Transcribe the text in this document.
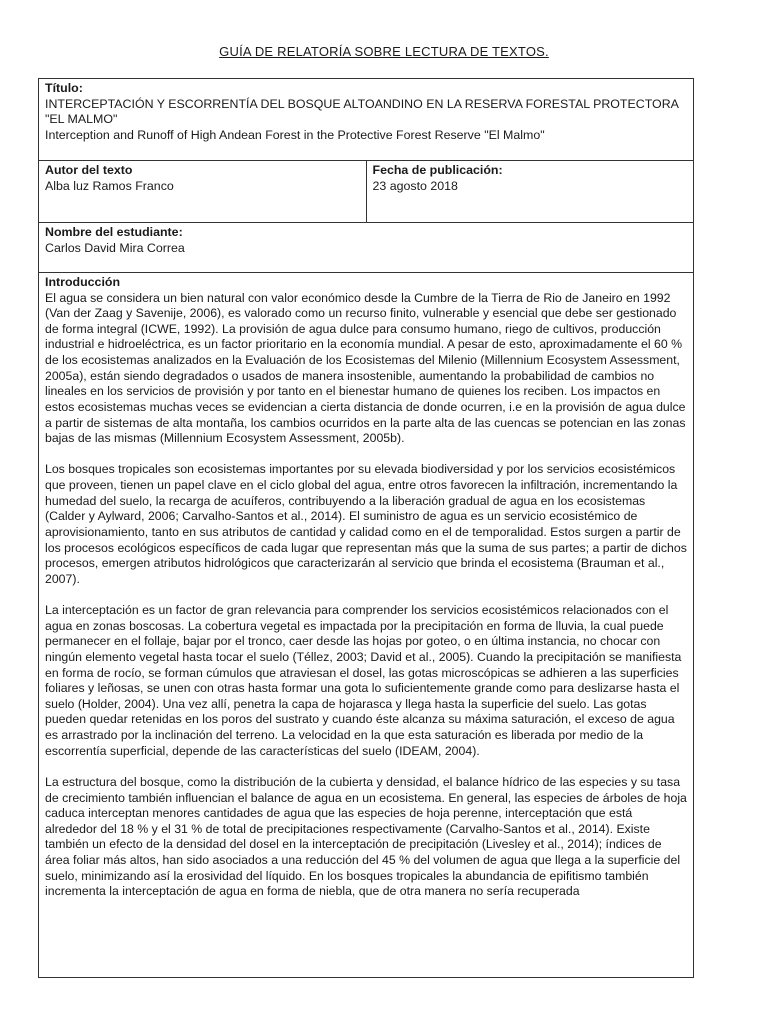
GUÍA DE RELATORÍA SOBRE LECTURA DE TEXTOS.
Título:
INTERCEPTACIÓN Y ESCORRENTÍA DEL BOSQUE ALTOANDINO EN LA RESERVA FORESTAL PROTECTORA "EL MALMO"
Interception and Runoff of High Andean Forest in the Protective Forest Reserve "El Malmo"
Autor del texto
Alba luz Ramos Franco
Fecha de publicación:
23 agosto 2018
Nombre del estudiante:
Carlos David Mira Correa
Introducción
El agua se considera un bien natural con valor económico desde la Cumbre de la Tierra de Rio de Janeiro en 1992 (Van der Zaag y Savenije, 2006), es valorado como un recurso finito, vulnerable y esencial que debe ser gestionado de forma integral (ICWE, 1992). La provisión de agua dulce para consumo humano, riego de cultivos, producción industrial e hidroeléctrica, es un factor prioritario en la economía mundial. A pesar de esto, aproximadamente el 60 % de los ecosistemas analizados en la Evaluación de los Ecosistemas del Milenio (Millennium Ecosystem Assessment, 2005a), están siendo degradados o usados de manera insostenible, aumentando la probabilidad de cambios no lineales en los servicios de provisión y por tanto en el bienestar humano de quienes los reciben. Los impactos en estos ecosistemas muchas veces se evidencian a cierta distancia de donde ocurren, i.e en la provisión de agua dulce a partir de sistemas de alta montaña, los cambios ocurridos en la parte alta de las cuencas se potencian en las zonas bajas de las mismas (Millennium Ecosystem Assessment, 2005b).
Los bosques tropicales son ecosistemas importantes por su elevada biodiversidad y por los servicios ecosistémicos que proveen, tienen un papel clave en el ciclo global del agua, entre otros favorecen la infiltración, incrementando la humedad del suelo, la recarga de acuíferos, contribuyendo a la liberación gradual de agua en los ecosistemas (Calder y Aylward, 2006; Carvalho-Santos et al., 2014). El suministro de agua es un servicio ecosistémico de aprovisionamiento, tanto en sus atributos de cantidad y calidad como en el de temporalidad. Estos surgen a partir de los procesos ecológicos específicos de cada lugar que representan más que la suma de sus partes; a partir de dichos procesos, emergen atributos hidrológicos que caracterizarán al servicio que brinda el ecosistema (Brauman et al., 2007).
La interceptación es un factor de gran relevancia para comprender los servicios ecosistémicos relacionados con el agua en zonas boscosas. La cobertura vegetal es impactada por la precipitación en forma de lluvia, la cual puede permanecer en el follaje, bajar por el tronco, caer desde las hojas por goteo, o en última instancia, no chocar con ningún elemento vegetal hasta tocar el suelo (Téllez, 2003; David et al., 2005). Cuando la precipitación se manifiesta en forma de rocío, se forman cúmulos que atraviesan el dosel, las gotas microscópicas se adhieren a las superficies foliares y leñosas, se unen con otras hasta formar una gota lo suficientemente grande como para deslizarse hasta el suelo (Holder, 2004). Una vez allí, penetra la capa de hojarasca y llega hasta la superficie del suelo. Las gotas pueden quedar retenidas en los poros del sustrato y cuando éste alcanza su máxima saturación, el exceso de agua es arrastrado por la inclinación del terreno. La velocidad en la que esta saturación es liberada por medio de la escorrentía superficial, depende de las características del suelo (IDEAM, 2004).
La estructura del bosque, como la distribución de la cubierta y densidad, el balance hídrico de las especies y su tasa de crecimiento también influencian el balance de agua en un ecosistema. En general, las especies de árboles de hoja caduca interceptan menores cantidades de agua que las especies de hoja perenne, interceptación que está alrededor del 18 % y el 31 % de total de precipitaciones respectivamente (Carvalho-Santos et al., 2014). Existe también un efecto de la densidad del dosel en la interceptación de precipitación (Livesley et al., 2014); índices de área foliar más altos, han sido asociados a una reducción del 45 % del volumen de agua que llega a la superficie del suelo, minimizando así la erosividad del líquido. En los bosques tropicales la abundancia de epifitismo también incrementa la interceptación de agua en forma de niebla, que de otra manera no sería recuperada
